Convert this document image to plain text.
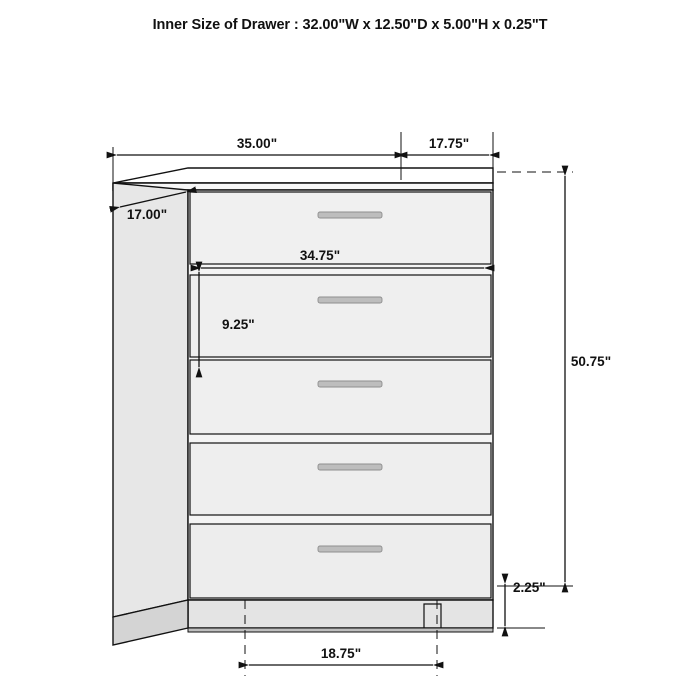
Inner Size of Drawer : 32.00"W x 12.50"D x 5.00"H x 0.25"T
35.00"	17.75"
17.00"
34.75"
9.25"
50.75"
2.25"
18.75"
